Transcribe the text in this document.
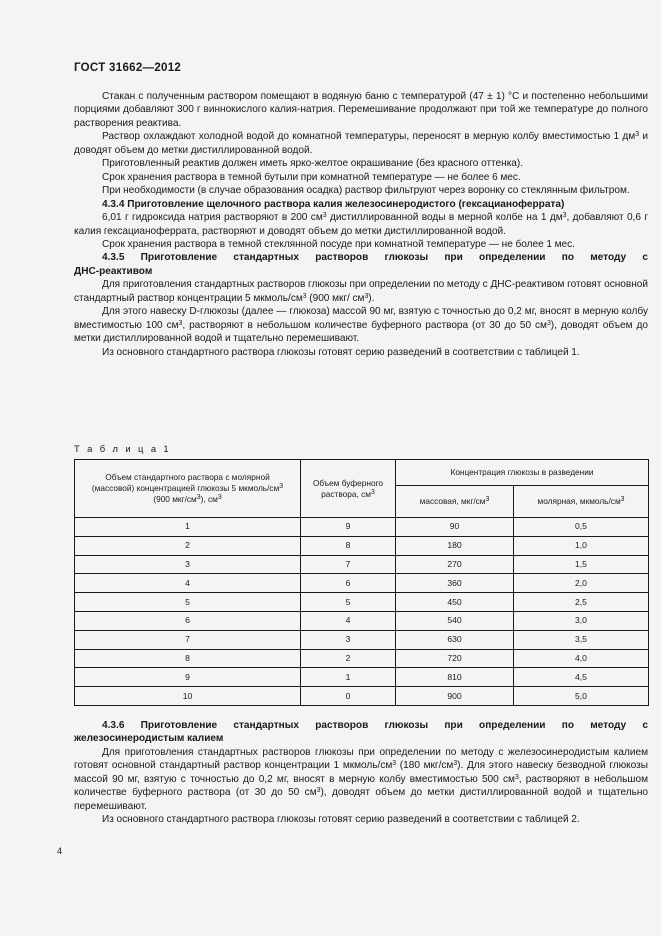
ГОСТ 31662—2012

Стакан с полученным раствором помещают в водяную баню с температурой (47 ± 1) °С и постепенно небольшими порциями добавляют 300 г виннокислого калия-натрия. Перемешивание продолжают при той же температуре до полного растворения реактива.

Раствор охлаждают холодной водой до комнатной температуры, переносят в мерную колбу вместимостью 1 $дм^3$ и доводят объем до метки дистиллированной водой.

Приготовленный реактив должен иметь ярко-желтое окрашивание (без красного оттенка).

Срок хранения раствора в темной бутыли при комнатной температуре — не более 6 мес.

При необходимости (в случае образования осадка) раствор фильтруют через воронку со стеклянным фильтром.

4.3.4 Приготовление щелочного раствора калия железосинеродистого (гексацианоферрата)

6,01 г гидроксида натрия растворяют в 200 $см^3$ дистиллированной воды в мерной колбе на 1 $дм^3$, добавляют 0,6 г калия гексацианоферрата, растворяют и доводят объем до метки дистиллированной водой.

Срок хранения раствора в темной стеклянной посуде при комнатной температуре — не более 1 мес.

4.3.5 Приготовление стандартных растворов глюкозы при определении по методу с

ДНС-реактивом

Для приготовления стандартных растворов глюкозы при определении по методу с ДНС-реактивом готовят основной стандартный раствор концентрации 5 мкмоль/$см^3$ (900 мкг/ $см^3$).

Для этого навеску D-глюкозы (далее — глюкоза) массой 90 мг, взятую с точностью до 0,2 мг, вносят в мерную колбу вместимостью 100 $см^3$, растворяют в небольшом количестве буферного раствора (от 30 до 50 $см^3$), доводят объем до метки дистиллированной водой и тщательно перемешивают.

Из основного стандартного раствора глюкозы готовят серию разведений в соответствии с таблицей 1.

Т а б л и ц а 1
Объем стандартного раствора с молярной
(массовой) концентрацией глюкозы 5 мкмоль/$см^3$
(900 мкг/$см^3$), $см^3$	Объем буферного
раствора, $см^3$	Концентрация глюкозы в разведении	
		массовая, мкг/$см^3$	молярная, мкмоль/$см^3$
1	9	90	0,5
2	8	180	1,0
3	7	270	1,5
4	6	360	2,0
5	5	450	2,5
6	4	540	3,0
7	3	630	3,5
8	2	720	4,0
9	1	810	4,5
10	0	900	5,0

4.3.6 Приготовление стандартных растворов глюкозы при определении по методу с

железосинеродистым калием

Для приготовления стандартных растворов глюкозы при определении по методу с железосинеродистым калием готовят основной стандартный раствор концентрации 1 мкмоль/$см^3$ (180 мкг/$см^3$). Для этого навеску безводной глюкозы массой 90 мг, взятую с точностью до 0,2 мг, вносят в мерную колбу вместимостью 500 $см^3$, растворяют в небольшом количестве буферного раствора (от 30 до 50 $см^3$), доводят объем до метки дистиллированной водой и тщательно перемешивают.

Из основного стандартного раствора глюкозы готовят серию разведений в соответствии с таблицей 2.

4
